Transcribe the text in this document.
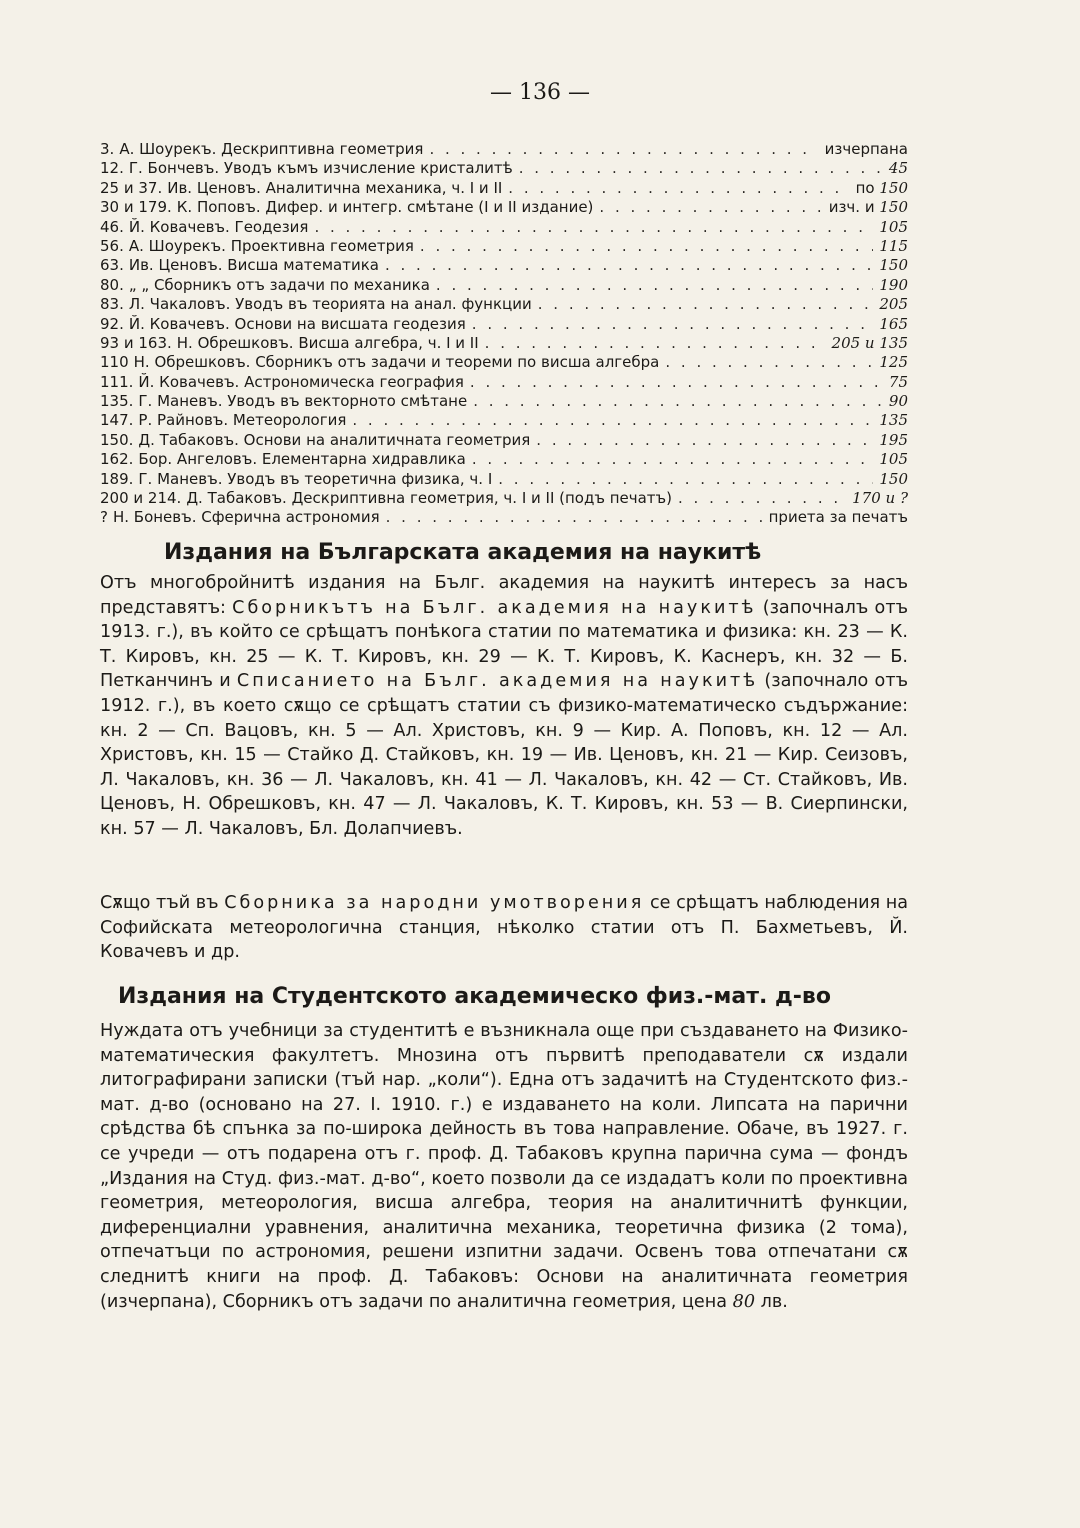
— 136 —
3. А. Шоурекъ. Дескриптивна геометрия . . .	изчерпана
12. Г. Бончевъ. Уводъ къмъ изчисление кристалитѣ . . .	45
25 и 37. Ив. Ценовъ. Аналитична механика, ч. I и II . . .	по 150
30 и 179. К. Поповъ. Дифер. и интегр. смѣтане (I и II издание) . . .	изч. и 150
46. Й. Ковачевъ. Геодезия . . .	105
56. А. Шоурекъ. Проективна геометрия . . .	115
63. Ив. Ценовъ. Висша математика . . .	150
80. „ „ Сборникъ отъ задачи по механика . . .	190
83. Л. Чакаловъ. Уводъ въ теорията на анал. функции . . .	205
92. Й. Ковачевъ. Основи на висшата геодезия . . .	165
93 и 163. Н. Обрешковъ. Висша алгебра, ч. I и II . . .	205 и 135
110 Н. Обрешковъ. Сборникъ отъ задачи и теореми по висша алгебра . . .	125
111. Й. Ковачевъ. Астрономическа география . . .	75
135. Г. Маневъ. Уводъ въ векторното смѣтане . . .	90
147. Р. Райновъ. Метеорология . . .	135
150. Д. Табаковъ. Основи на аналитичната геометрия . . .	195
162. Бор. Ангеловъ. Елементарна хидравлика . . .	105
189. Г. Маневъ. Уводъ въ теоретична физика, ч. I . . .	150
200 и 214. Д. Табаковъ. Дескриптивна геометрия, ч. I и II (подъ печатъ) . . .	170 и ?
? Н. Боневъ. Сферична астрономия . . .	приета за печатъ
Издания на Българската академия на наукитѣ

Отъ многобройнитѣ издания на Бълг. академия на наукитѣ интересъ за насъ представятъ: Сборникътъ на Бълг. академия на наукитѣ (започналъ отъ 1913. г.), въ който се срѣщатъ понѣкога статии по математика и физика: кн. 23 — К. Т. Кировъ, кн. 25 — К. Т. Кировъ, кн. 29 — К. Т. Кировъ, К. Каснеръ, кн. 32 — Б. Петканчинъ и Списанието на Бълг. академия на наукитѣ (започнало отъ 1912. г.), въ което сѫщо се срѣщатъ статии съ физико-математическо съдържание: кн. 2 — Сп. Вацовъ, кн. 5 — Ал. Христовъ, кн. 9 — Кир. А. Поповъ, кн. 12 — Ал. Христовъ, кн. 15 — Стайко Д. Стайковъ, кн. 19 — Ив. Ценовъ, кн. 21 — Кир. Сеизовъ, Л. Чакаловъ, кн. 36 — Л. Чакаловъ, кн. 41 — Л. Чакаловъ, кн. 42 — Ст. Стайковъ, Ив. Ценовъ, Н. Обрешковъ, кн. 47 — Л. Чакаловъ, К. Т. Кировъ, кн. 53 — В. Сиерпински, кн. 57 — Л. Чакаловъ, Бл. Долапчиевъ.

Сѫщо тъй въ Сборника за народни умотворения се срѣщатъ наблюдения на Софийската метеорологична станция, нѣколко статии отъ П. Бахметьевъ, Й. Ковачевъ и др.

Издания на Студентското академическо физ.-мат. д-во

Нуждата отъ учебници за студентитѣ е възникнала още при създаването на Физико-математическия факултетъ. Мнозина отъ първитѣ преподаватели сѫ издали литографирани записки (тъй нар. „коли“). Една отъ задачитѣ на Студентското физ.-мат. д-во (основано на 27. I. 1910. г.) е издаването на коли. Липсата на парични срѣдства бѣ спънка за по-широка дейность въ това направление. Обаче, въ 1927. г. се учреди — отъ подарена отъ г. проф. Д. Табаковъ крупна парична сума — фондъ „Издания на Студ. физ.-мат. д-во“, което позволи да се издадатъ коли по проективна геометрия, метеорология, висша алгебра, теория на аналитичнитѣ функции, диференциални уравнения, аналитична механика, теоретична физика (2 тома), отпечатъци по астрономия, решени изпитни задачи. Освенъ това отпечатани сѫ следнитѣ книги на проф. Д. Табаковъ: Основи на аналитичната геометрия (изчерпана), Сборникъ отъ задачи по аналитична геометрия, цена 80 лв.
